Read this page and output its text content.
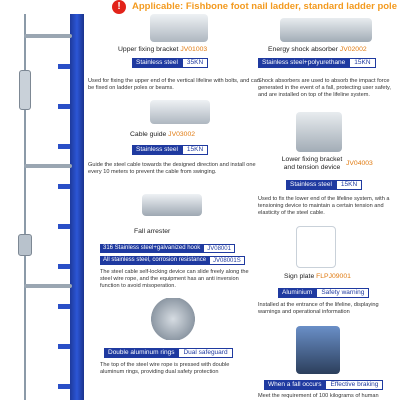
!	Applicable: Fishbone foot nail ladder, standard ladder pole
Upper fixing bracket JV01003
Stainless steel	35KN
Used for fixing the upper end of the vertical lifeline with bolts, and can be fixed on ladder poles or beams.
Energy shock absorber JV02002
Stainless steel+polyurethane	15KN
Shock absorbers are used to absorb the impact force generated in the event of a fall, protecting user safety, and are installed on top of the lifeline system.
Cable guide JV03002
Stainless steel	15KN
Guide the steel cable towards the designed direction and install one every 10 meters to prevent the cable from swinging.
Lower fixing bracket
and tension device
JV04003
Stainless steel	15KN
Used to fix the lower end of the lifeline system, with a tensioning device to maintain a certain tension and elasticity of the steel cable.
Fall arrester
316 Stainless steel+galvanized hook	JV08001
All stainless steel, corrosion resistance	JV08001S
The steel cable self-locking device can slide freely along the steel wire rope, and the equipment has an anti inversion function to avoid misoperation.
Sign plate FLPJ09001
Aluminium	Safety warning
Installed at the entrance of the lifeline, displaying warnings and operational information
Double aluminum rings	Dual safeguard
The top of the steel wire rope is pressed with double aluminum rings, providing dual safety protection
When a fall occurs	Effective braking
Meet the requirement of 100 kilograms of human
